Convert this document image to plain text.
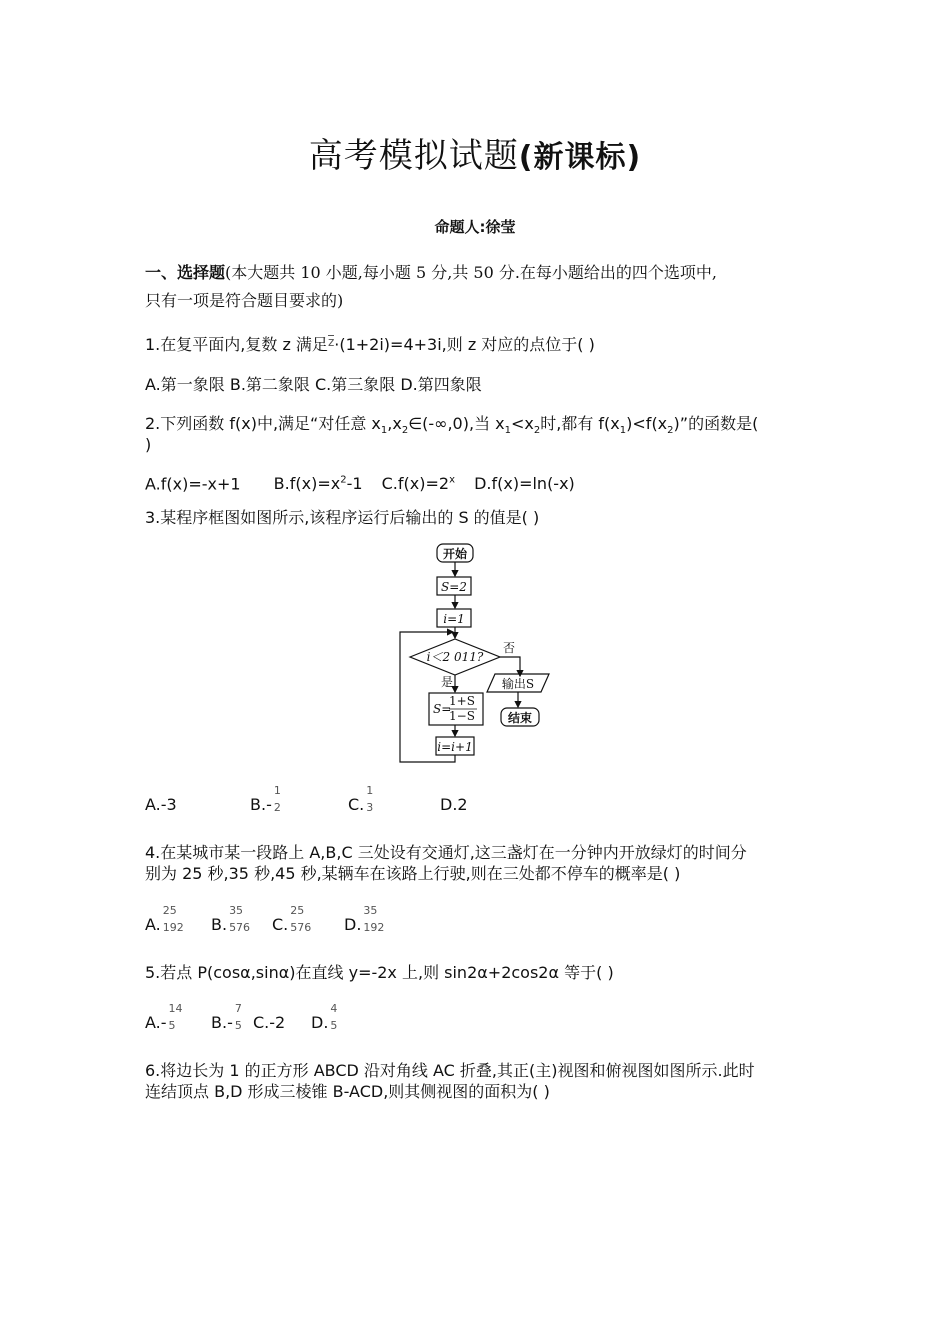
高考模拟试题(新课标)
命题人:徐莹
一、选择题(本大题共 10 小题,每小题 5 分,共 50 分.在每小题给出的四个选项中,
只有一项是符合题目要求的)
1.在复平面内,复数 z 满足z·(1+2i)=4+3i,则 z 对应的点位于( )
A.第一象限 B.第二象限 C.第三象限 D.第四象限
2.下列函数 f(x)中,满足“对任意 $x_1,x_2\in(-\infty,0)$,当 $x_1<x_2$时,都有 $f(x_1)<f(x_2)$”的函数是(
)
A.f(x)=-x+1 $B.f(x)=x^2-1$ $C.f(x)=2^x$ D.f(x)=ln(-x)
3.某程序框图如图所示,该程序运行后输出的 S 的值是( )
开始
S=2
i=1
i＜2 011?
否
是	输出S
结束
S=
1+S
1−S
i=i+1
A.-3	B.-
1
2	C.
1
3	D.2
4.在某城市某一段路上 A,B,C 三处设有交通灯,这三盏灯在一分钟内开放绿灯的时间分
别为 25 秒,35 秒,45 秒,某辆车在该路上行驶,则在三处都不停车的概率是( )
A.
25
192 B.
35
576 C.
25
576 D.
35
192
5.若点 P(cosα,sinα)在直线 y=-2x 上,则 sin2α+2cos2α 等于( )
A.-
14
5 B.-
7
5 C.-2 D.
4
5
6.将边长为 1 的正方形 ABCD 沿对角线 AC 折叠,其正(主)视图和俯视图如图所示.此时
连结顶点 B,D 形成三棱锥 B-ACD,则其侧视图的面积为( )
